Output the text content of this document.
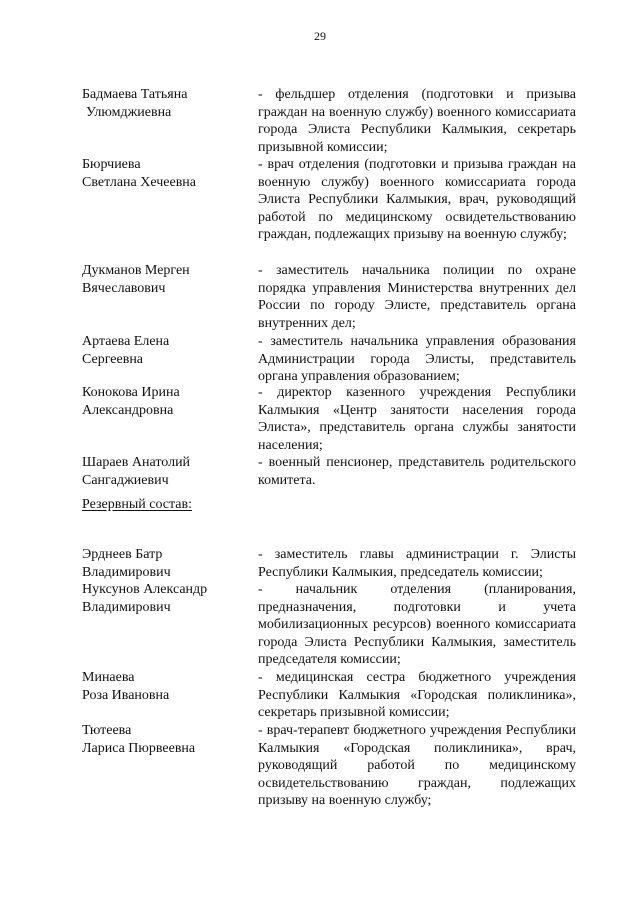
29
Бадмаева Татьяна
Улюмджиевна
- фельдшер отделения (подготовки и призыва граждан на военную службу) военного комиссариата города Элиста Республики Калмыкия, секретарь призывной комиссии;
Бюрчиева
Светлана Хечеевна
- врач отделения (подготовки и призыва граждан на военную службу) военного комиссариата города Элиста Республики Калмыкия, врач, руководящий работой по медицинскому освидетельствованию граждан, подлежащих призыву на военную службу;
Дукманов Мерген
Вячеславович
- заместитель начальника полиции по охране порядка управления Министерства внутренних дел России по городу Элисте, представитель органа внутренних дел;
Артаева Елена
Сергеевна
- заместитель начальника управления образования Администрации города Элисты, представитель органа управления образованием;
Конокова Ирина
Александровна
- директор казенного учреждения Республики Калмыкия «Центр занятости населения города Элиста», представитель органа службы занятости населения;
Шараев Анатолий
Сангаджиевич
- военный пенсионер, представитель родительского комитета.
Резервный состав:
Эрднеев Батр
Владимирович
- заместитель главы администрации г. Элисты Республики Калмыкия, председатель комиссии;
Нуксунов Александр
Владимирович
- начальник отделения (планирования, предназначения, подготовки и учета мобилизационных ресурсов) военного комиссариата города Элиста Республики Калмыкия, заместитель председателя комиссии;
Минаева
Роза Ивановна
- медицинская сестра бюджетного учреждения Республики Калмыкия «Городская поликлиника», секретарь призывной комиссии;
Тютеева
Лариса Пюрвеевна
- врач-терапевт бюджетного учреждения Республики Калмыкия «Городская поликлиника», врач, руководящий работой по медицинскому освидетельствованию граждан, подлежащих призыву на военную службу;
